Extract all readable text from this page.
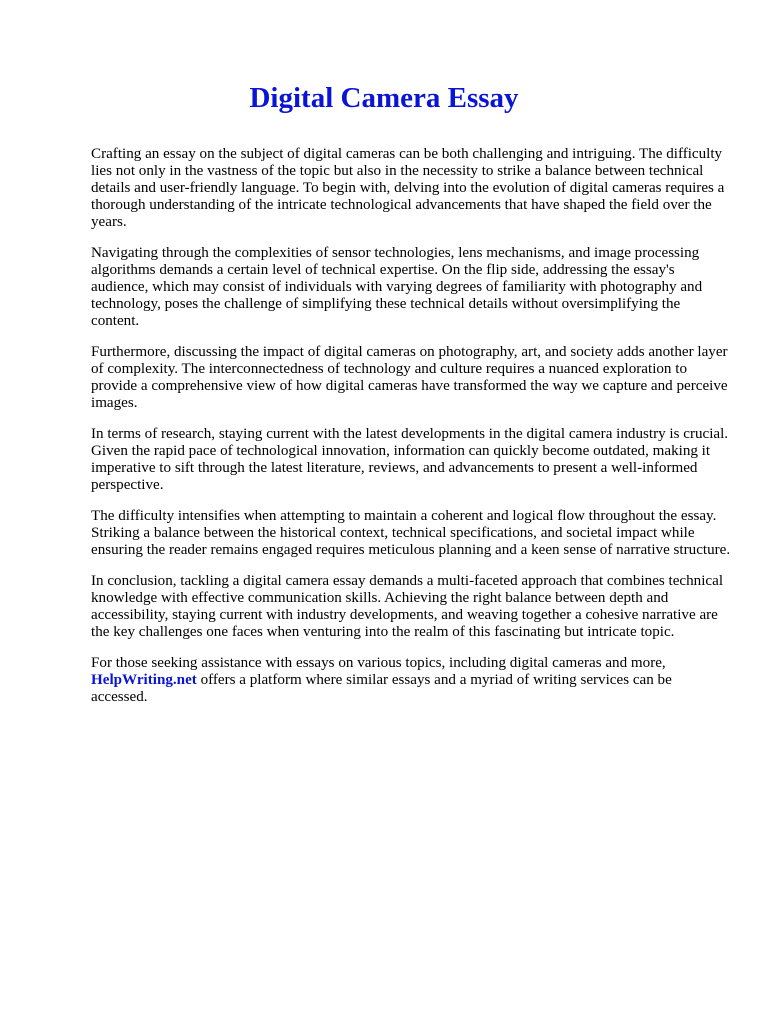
Digital Camera Essay

Crafting an essay on the subject of digital cameras can be both challenging and intriguing. The difficulty lies not only in the vastness of the topic but also in the necessity to strike a balance between technical details and user-friendly language. To begin with, delving into the evolution of digital cameras requires a thorough understanding of the intricate technological advancements that have shaped the field over the years.

Navigating through the complexities of sensor technologies, lens mechanisms, and image processing algorithms demands a certain level of technical expertise. On the flip side, addressing the essay's audience, which may consist of individuals with varying degrees of familiarity with photography and technology, poses the challenge of simplifying these technical details without oversimplifying the content.

Furthermore, discussing the impact of digital cameras on photography, art, and society adds another layer of complexity. The interconnectedness of technology and culture requires a nuanced exploration to provide a comprehensive view of how digital cameras have transformed the way we capture and perceive images.

In terms of research, staying current with the latest developments in the digital camera industry is crucial. Given the rapid pace of technological innovation, information can quickly become outdated, making it imperative to sift through the latest literature, reviews, and advancements to present a well-informed perspective.

The difficulty intensifies when attempting to maintain a coherent and logical flow throughout the essay. Striking a balance between the historical context, technical specifications, and societal impact while ensuring the reader remains engaged requires meticulous planning and a keen sense of narrative structure.

In conclusion, tackling a digital camera essay demands a multi-faceted approach that combines technical knowledge with effective communication skills. Achieving the right balance between depth and accessibility, staying current with industry developments, and weaving together a cohesive narrative are the key challenges one faces when venturing into the realm of this fascinating but intricate topic.

For those seeking assistance with essays on various topics, including digital cameras and more, HelpWriting.net offers a platform where similar essays and a myriad of writing services can be accessed.
